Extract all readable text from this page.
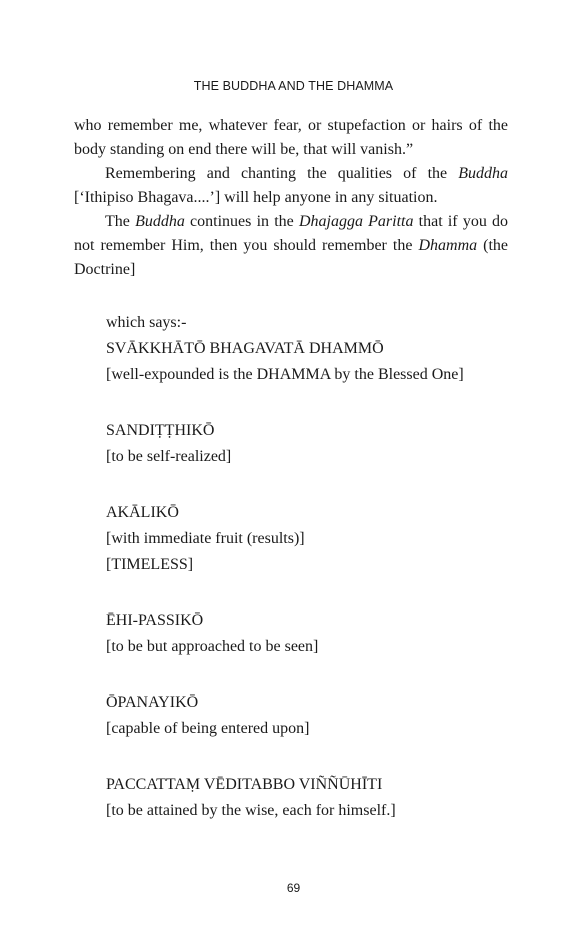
THE BUDDHA AND THE DHAMMA

who remember me, whatever fear, or stupefaction or hairs of the body standing on end there will be, that will vanish.”

Remembering and chanting the qualities of the Buddha [‘Ithipiso Bhagava....’] will help anyone in any situation.

The Buddha continues in the Dhajagga Paritta that if you do not remember Him, then you should remember the Dhamma (the Doctrine]

which says:-
SVĀKKHĀTŌ BHAGAVATĀ DHAMMŌ
[well-expounded is the DHAMMA by the Blessed One]
SANDIṬṬHIKŌ
[to be self-realized]
AKĀLIKŌ
[with immediate fruit (results)]
[TIMELESS]
ĒHI-PASSIKŌ
[to be but approached to be seen]
ŌPANAYIKŌ
[capable of being entered upon]
PACCATTAṂ VĒDITABBO VIÑÑŪHĪTI
[to be attained by the wise, each for himself.]
69
